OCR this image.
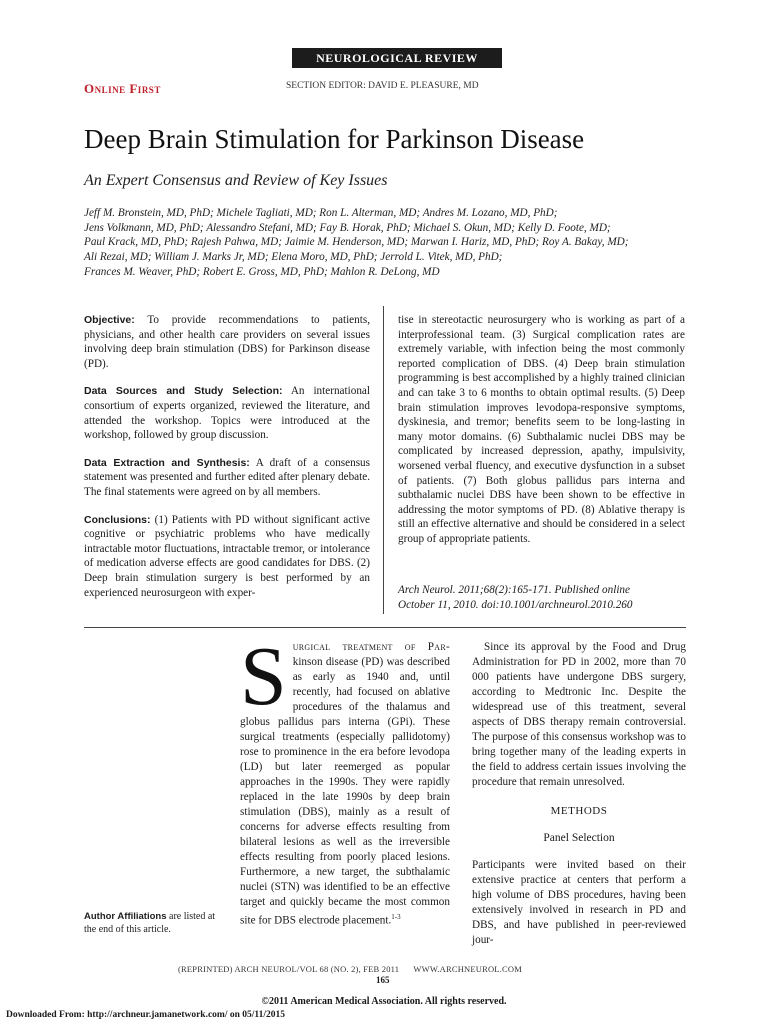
NEUROLOGICAL REVIEW
Online First	SECTION EDITOR: DAVID E. PLEASURE, MD
Deep Brain Stimulation for Parkinson Disease
An Expert Consensus and Review of Key Issues
Jeff M. Bronstein, MD, PhD; Michele Tagliati, MD; Ron L. Alterman, MD; Andres M. Lozano, MD, PhD;
Jens Volkmann, MD, PhD; Alessandro Stefani, MD; Fay B. Horak, PhD; Michael S. Okun, MD; Kelly D. Foote, MD;
Paul Krack, MD, PhD; Rajesh Pahwa, MD; Jaimie M. Henderson, MD; Marwan I. Hariz, MD, PhD; Roy A. Bakay, MD;
Ali Rezai, MD; William J. Marks Jr, MD; Elena Moro, MD, PhD; Jerrold L. Vitek, MD, PhD;
Frances M. Weaver, PhD; Robert E. Gross, MD, PhD; Mahlon R. DeLong, MD

Objective: To provide recommendations to patients, physicians, and other health care providers on several issues involving deep brain stimulation (DBS) for Parkinson disease (PD).

Data Sources and Study Selection: An international consortium of experts organized, reviewed the literature, and attended the workshop. Topics were introduced at the workshop, followed by group discussion.

Data Extraction and Synthesis: A draft of a consensus statement was presented and further edited after plenary debate. The final statements were agreed on by all members.

Conclusions: (1) Patients with PD without significant active cognitive or psychiatric problems who have medically intractable motor fluctuations, intractable tremor, or intolerance of medication adverse effects are good candidates for DBS. (2) Deep brain stimulation surgery is best performed by an experienced neurosurgeon with exper-

tise in stereotactic neurosurgery who is working as part of a interprofessional team. (3) Surgical complication rates are extremely variable, with infection being the most commonly reported complication of DBS. (4) Deep brain stimulation programming is best accomplished by a highly trained clinician and can take 3 to 6 months to obtain optimal results. (5) Deep brain stimulation improves levodopa-responsive symptoms, dyskinesia, and tremor; benefits seem to be long-lasting in many motor domains. (6) Subthalamic nuclei DBS may be complicated by increased depression, apathy, impulsivity, worsened verbal fluency, and executive dysfunction in a subset of patients. (7) Both globus pallidus pars interna and subthalamic nuclei DBS have been shown to be effective in addressing the motor symptoms of PD. (8) Ablative therapy is still an effective alternative and should be considered in a select group of appropriate patients.
Arch Neurol. 2011;68(2):165-171. Published online
October 11, 2010. doi:10.1001/archneurol.2010.260
Surgical treatment of Par- kinson disease (PD) was described as early as 1940 and, until recently, had focused on ablative procedures of the thalamus and globus pallidus pars interna (GPi). These surgical treatments (especially pallidotomy) rose to prominence in the era before levodopa (LD) but later reemerged as popular approaches in the 1990s. They were rapidly replaced in the late 1990s by deep brain stimulation (DBS), mainly as a result of concerns for adverse effects resulting from bilateral lesions as well as the irreversible effects resulting from poorly placed lesions. Furthermore, a new target, the subthalamic nuclei (STN) was identified to be an effective target and quickly became the most common site for DBS electrode placement.$^{1-3}$

Since its approval by the Food and Drug Administration for PD in 2002, more than 70 000 patients have undergone DBS surgery, according to Medtronic Inc. Despite the widespread use of this treatment, several aspects of DBS therapy remain controversial. The purpose of this consensus workshop was to bring together many of the leading experts in the field to address certain issues involving the procedure that remain unresolved.

METHODS

Panel Selection

Participants were invited based on their extensive practice at centers that perform a high volume of DBS procedures, having been extensively involved in research in PD and DBS, and have published in peer-reviewed jour-

Author Affiliations are listed at the end of this article.
(REPRINTED) ARCH NEUROL/VOL 68 (NO. 2), FEB 2011 WWW.ARCHNEUROL.COM
165
©2011 American Medical Association. All rights reserved.
Downloaded From: http://archneur.jamanetwork.com/ on 05/11/2015
